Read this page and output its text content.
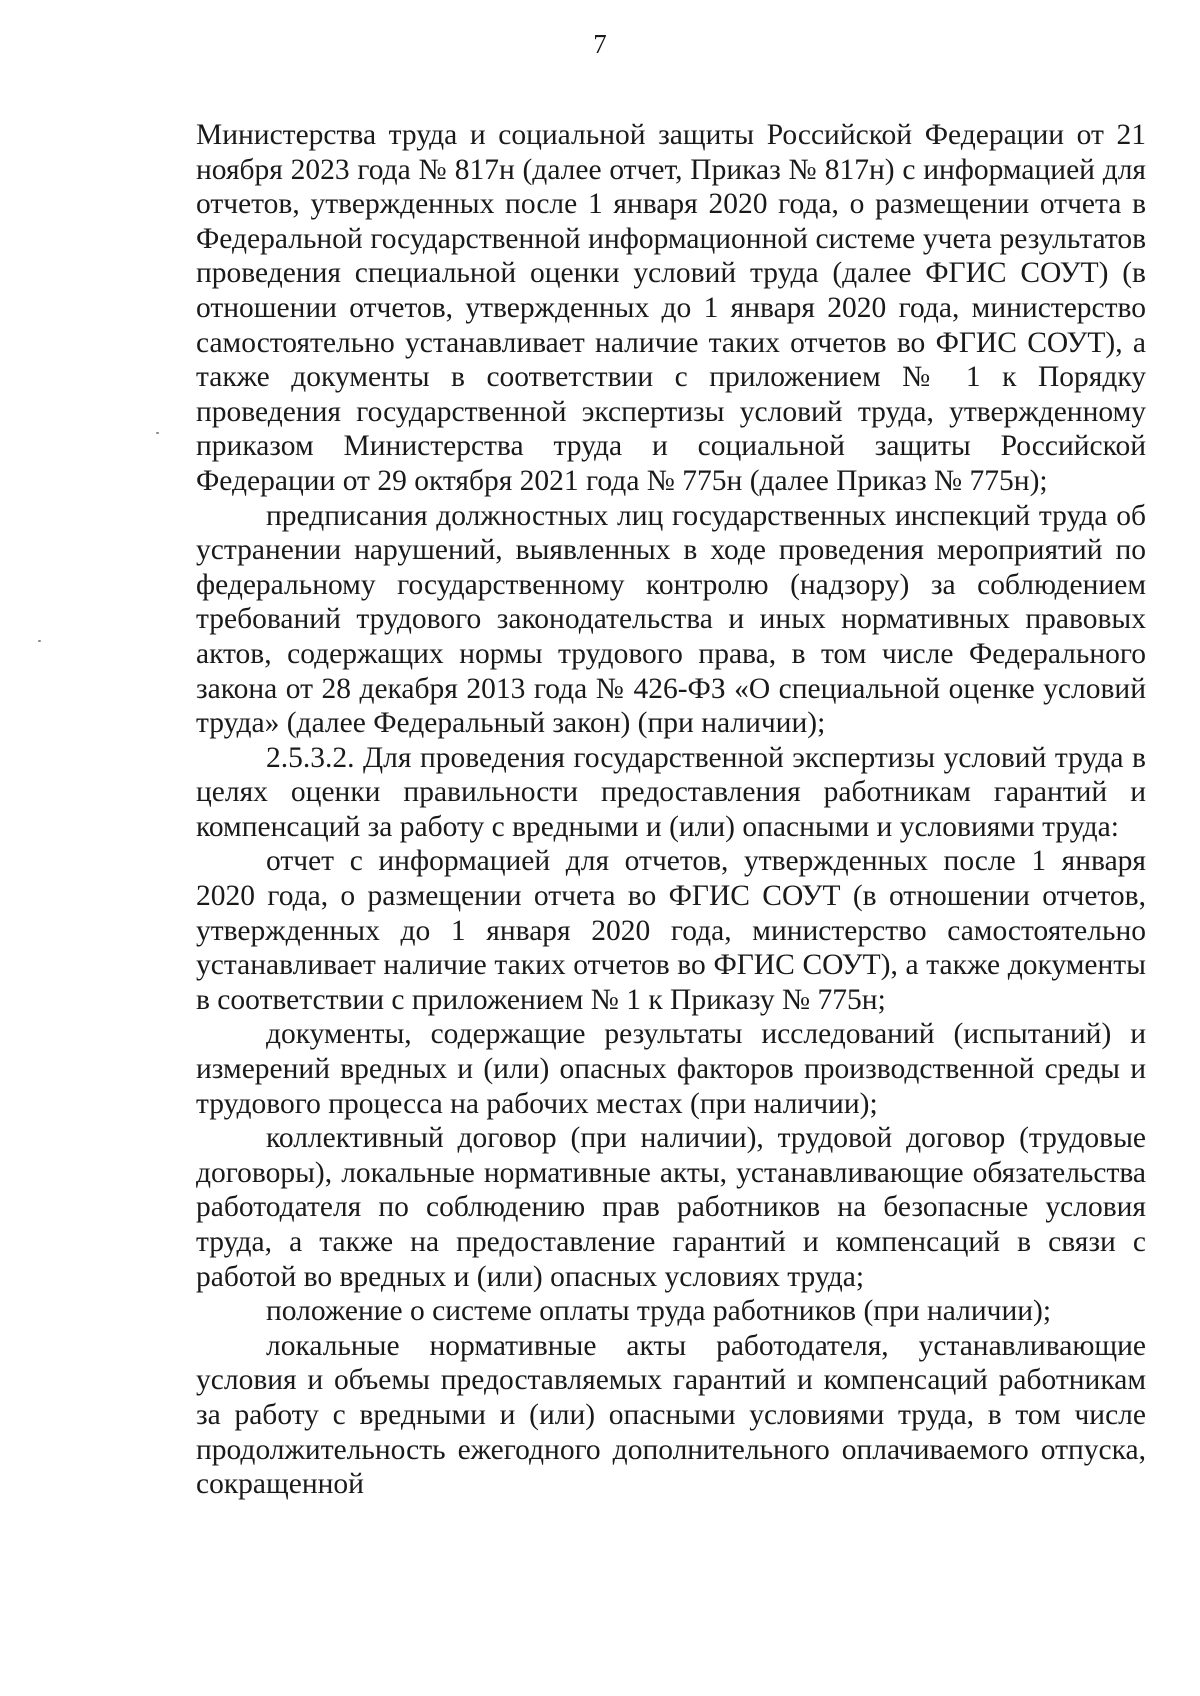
7

Министерства труда и социальной защиты Российской Федерации от 21 ноября 2023 года № 817н (далее отчет, Приказ № 817н) с информацией для отчетов, утвержденных после 1 января 2020 года, о размещении отчета в Федеральной государственной информационной системе учета результатов проведения специальной оценки условий труда (далее ФГИС СОУТ) (в отношении отчетов, утвержденных до 1 января 2020 года, министерство самостоятельно устанавливает наличие таких отчетов во ФГИС СОУТ), а также документы в соответствии с приложением № 1 к Порядку проведения государственной экспертизы условий труда, утвержденному приказом Министерства труда и социальной защиты Российской Федерации от 29 октября 2021 года № 775н (далее Приказ № 775н);

предписания должностных лиц государственных инспекций труда об устранении нарушений, выявленных в ходе проведения мероприятий по федеральному государственному контролю (надзору) за соблюдением требований трудового законодательства и иных нормативных правовых актов, содержащих нормы трудового права, в том числе Федерального закона от 28 декабря 2013 года № 426-ФЗ «О специальной оценке условий труда» (далее Федеральный закон) (при наличии);

2.5.3.2. Для проведения государственной экспертизы условий труда в целях оценки правильности предоставления работникам гарантий и компенсаций за работу с вредными и (или) опасными и условиями труда:

отчет с информацией для отчетов, утвержденных после 1 января 2020 года, о размещении отчета во ФГИС СОУТ (в отношении отчетов, утвержденных до 1 января 2020 года, министерство самостоятельно устанавливает наличие таких отчетов во ФГИС СОУТ), а также документы в соответствии с приложением № 1 к Приказу № 775н;

документы, содержащие результаты исследований (испытаний) и измерений вредных и (или) опасных факторов производственной среды и трудового процесса на рабочих местах (при наличии);

коллективный договор (при наличии), трудовой договор (трудовые договоры), локальные нормативные акты, устанавливающие обязательства работодателя по соблюдению прав работников на безопасные условия труда, а также на предоставление гарантий и компенсаций в связи с работой во вредных и (или) опасных условиях труда;

положение о системе оплаты труда работников (при наличии);

локальные нормативные акты работодателя, устанавливающие условия и объемы предоставляемых гарантий и компенсаций работникам за работу с вредными и (или) опасными условиями труда, в том числе продолжительность ежегодного дополнительного оплачиваемого отпуска, сокращенной
